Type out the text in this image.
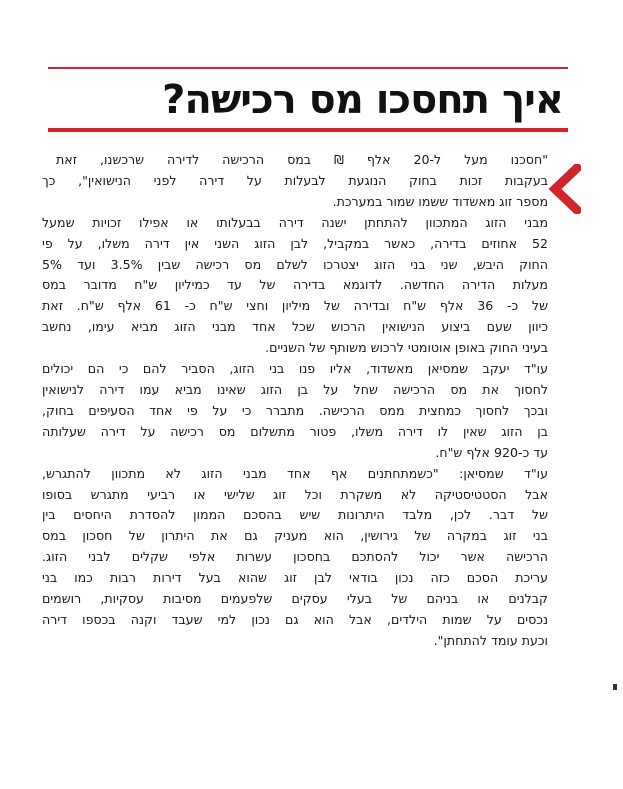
איך תחסכו מס רכישה?
"חסכנו מעל ל-20 אלף ₪ במס הרכישה לדירה שרכשנו, זאת
בעקבות זכות בחוק הנוגעת לבעלות על דירה לפני הנישואין", כך
מספר זוג מאשדוד ששמו שמור במערכת.
מבני הזוג המתכוון להתחתן ישנה דירה בבעלותו או אפילו זכויות שמעל
52 אחוזים בדירה, כאשר במקביל, לבן הזוג השני אין דירה משלו, על פי
החוק היבש, שני בני הזוג יצטרכו לשלם מס רכישה שבין 3.5% ועד 5%
מעלות הדירה החדשה. לדוגמא בדירה של עד כמיליון ש"ח מדובר במס
של כ- 36 אלף ש"ח ובדירה של מיליון וחצי ש"ח כ- 61 אלף ש"ח. זאת
כיוון שעם ביצוע הנישואין הרכוש שכל אחד מבני הזוג מביא עימו, נחשב
בעיני החוק באופן אוטומטי לרכוש משותף של השניים.
עו"ד יעקב שמסיאן מאשדוד, אליו פנו בני הזוג, הסביר להם כי הם יכולים
לחסוך את מס הרכישה שחל על בן הזוג שאינו מביא עמו דירה לנישואין
ובכך לחסוך כמחצית ממס הרכישה. מתברר כי על פי אחד הסעיפים בחוק,
בן הזוג שאין לו דירה משלו, פטור מתשלום מס רכישה על דירה שעלותה
עד כ-920 אלף ש"ח.
עו"ד שמסיאן: "כשמתחתנים אף אחד מבני הזוג לא מתכוון להתגרש,
אבל הסטטיסטיקה לא משקרת וכל זוג שלישי או רביעי מתגרש בסופו
של דבר. לכן, מלבד היתרונות שיש בהסכם הממון להסדרת היחסים בין
בני זוג במקרה של גירושין, הוא מעניק גם את היתרון של חסכון במס
הרכישה אשר יכול להסתכם בחסכון עשרות אלפי שקלים לבני הזוג.
עריכת הסכם כזה נכון בודאי לבן זוג שהוא בעל דירות רבות כמו בני
קבלנים או בניהם של בעלי עסקים שלפעמים מסיבות עסקיות, רושמים
נכסים על שמות הילדים, אבל הוא גם נכון למי שעבד וקנה בכספו דירה
וכעת עומד להתחתן".
